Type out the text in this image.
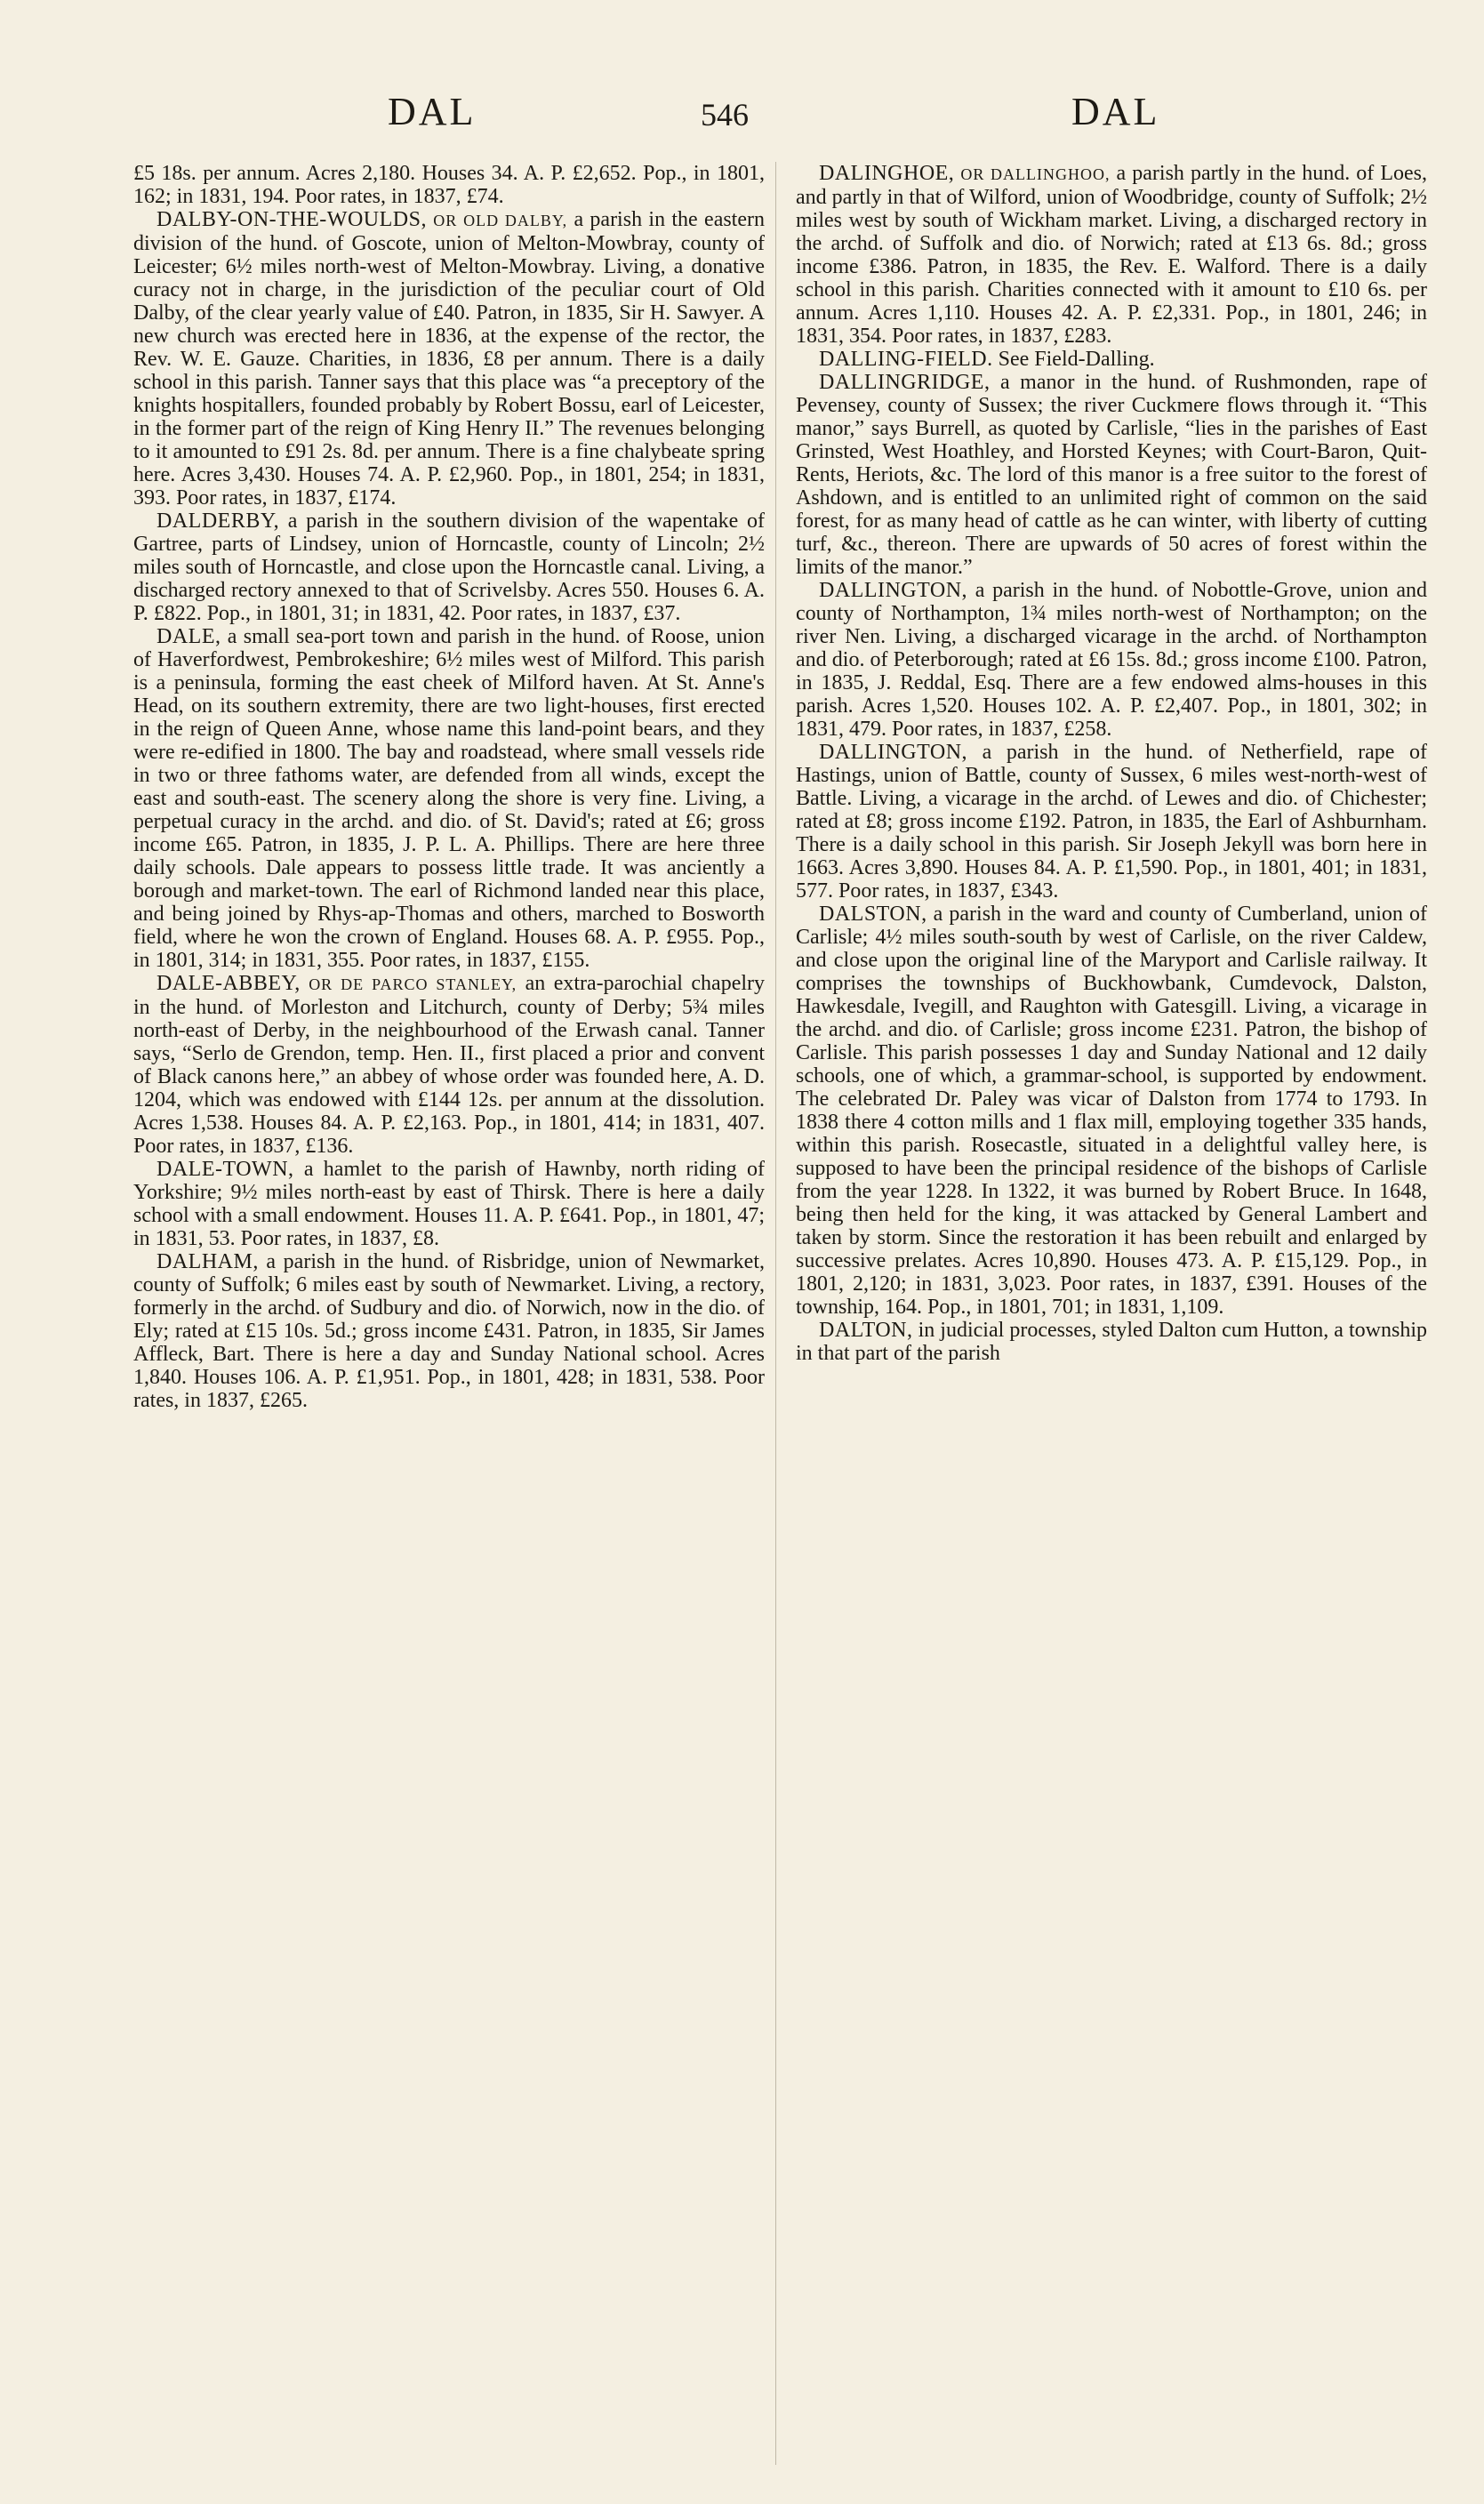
DAL	546	DAL

£5 18s. per annum. Acres 2,180. Houses 34. A. P. £2,652. Pop., in 1801, 162; in 1831, 194. Poor rates, in 1837, £74.

DALBY-ON-THE-WOULDS, OR OLD DALBY, a parish in the eastern division of the hund. of Goscote, union of Melton-Mowbray, county of Leicester; 6½ miles north-west of Melton-Mowbray. Living, a donative curacy not in charge, in the jurisdiction of the peculiar court of Old Dalby, of the clear yearly value of £40. Patron, in 1835, Sir H. Sawyer. A new church was erected here in 1836, at the expense of the rector, the Rev. W. E. Gauze. Charities, in 1836, £8 per annum. There is a daily school in this parish. Tanner says that this place was “a preceptory of the knights hospitallers, founded probably by Robert Bossu, earl of Leicester, in the former part of the reign of King Henry II.” The revenues belonging to it amounted to £91 2s. 8d. per annum. There is a fine chalybeate spring here. Acres 3,430. Houses 74. A. P. £2,960. Pop., in 1801, 254; in 1831, 393. Poor rates, in 1837, £174.

DALDERBY, a parish in the southern division of the wapentake of Gartree, parts of Lindsey, union of Horncastle, county of Lincoln; 2½ miles south of Horncastle, and close upon the Horncastle canal. Living, a discharged rectory annexed to that of Scrivelsby. Acres 550. Houses 6. A. P. £822. Pop., in 1801, 31; in 1831, 42. Poor rates, in 1837, £37.

DALE, a small sea-port town and parish in the hund. of Roose, union of Haverfordwest, Pembrokeshire; 6½ miles west of Milford. This parish is a peninsula, forming the east cheek of Milford haven. At St. Anne's Head, on its southern extremity, there are two light-houses, first erected in the reign of Queen Anne, whose name this land-point bears, and they were re-edified in 1800. The bay and roadstead, where small vessels ride in two or three fathoms water, are defended from all winds, except the east and south-east. The scenery along the shore is very fine. Living, a perpetual curacy in the archd. and dio. of St. David's; rated at £6; gross income £65. Patron, in 1835, J. P. L. A. Phillips. There are here three daily schools. Dale appears to possess little trade. It was anciently a borough and market-town. The earl of Richmond landed near this place, and being joined by Rhys-ap-Thomas and others, marched to Bosworth field, where he won the crown of England. Houses 68. A. P. £955. Pop., in 1801, 314; in 1831, 355. Poor rates, in 1837, £155.

DALE-ABBEY, OR DE PARCO STANLEY, an extra-parochial chapelry in the hund. of Morleston and Litchurch, county of Derby; 5¾ miles north-east of Derby, in the neighbourhood of the Erwash canal. Tanner says, “Serlo de Grendon, temp. Hen. II., first placed a prior and convent of Black canons here,” an abbey of whose order was founded here, A. D. 1204, which was endowed with £144 12s. per annum at the dissolution. Acres 1,538. Houses 84. A. P. £2,163. Pop., in 1801, 414; in 1831, 407. Poor rates, in 1837, £136.

DALE-TOWN, a hamlet to the parish of Hawnby, north riding of Yorkshire; 9½ miles north-east by east of Thirsk. There is here a daily school with a small endowment. Houses 11. A. P. £641. Pop., in 1801, 47; in 1831, 53. Poor rates, in 1837, £8.

DALHAM, a parish in the hund. of Risbridge, union of Newmarket, county of Suffolk; 6 miles east by south of Newmarket. Living, a rectory, formerly in the archd. of Sudbury and dio. of Norwich, now in the dio. of Ely; rated at £15 10s. 5d.; gross income £431. Patron, in 1835, Sir James Affleck, Bart. There is here a day and Sunday National school. Acres 1,840. Houses 106. A. P. £1,951. Pop., in 1801, 428; in 1831, 538. Poor rates, in 1837, £265.

DALINGHOE, OR DALLINGHOO, a parish partly in the hund. of Loes, and partly in that of Wilford, union of Woodbridge, county of Suffolk; 2½ miles west by south of Wickham market. Living, a discharged rectory in the archd. of Suffolk and dio. of Norwich; rated at £13 6s. 8d.; gross income £386. Patron, in 1835, the Rev. E. Walford. There is a daily school in this parish. Charities connected with it amount to £10 6s. per annum. Acres 1,110. Houses 42. A. P. £2,331. Pop., in 1801, 246; in 1831, 354. Poor rates, in 1837, £283.

DALLING-FIELD. See Field-Dalling.

DALLINGRIDGE, a manor in the hund. of Rushmonden, rape of Pevensey, county of Sussex; the river Cuckmere flows through it. “This manor,” says Burrell, as quoted by Carlisle, “lies in the parishes of East Grinsted, West Hoathley, and Horsted Keynes; with Court-Baron, Quit-Rents, Heriots, &c. The lord of this manor is a free suitor to the forest of Ashdown, and is entitled to an unlimited right of common on the said forest, for as many head of cattle as he can winter, with liberty of cutting turf, &c., thereon. There are upwards of 50 acres of forest within the limits of the manor.”

DALLINGTON, a parish in the hund. of Nobottle-Grove, union and county of Northampton, 1¾ miles north-west of Northampton; on the river Nen. Living, a discharged vicarage in the archd. of Northampton and dio. of Peterborough; rated at £6 15s. 8d.; gross income £100. Patron, in 1835, J. Reddal, Esq. There are a few endowed alms-houses in this parish. Acres 1,520. Houses 102. A. P. £2,407. Pop., in 1801, 302; in 1831, 479. Poor rates, in 1837, £258.

DALLINGTON, a parish in the hund. of Netherfield, rape of Hastings, union of Battle, county of Sussex, 6 miles west-north-west of Battle. Living, a vicarage in the archd. of Lewes and dio. of Chichester; rated at £8; gross income £192. Patron, in 1835, the Earl of Ashburnham. There is a daily school in this parish. Sir Joseph Jekyll was born here in 1663. Acres 3,890. Houses 84. A. P. £1,590. Pop., in 1801, 401; in 1831, 577. Poor rates, in 1837, £343.

DALSTON, a parish in the ward and county of Cumberland, union of Carlisle; 4½ miles south-south by west of Carlisle, on the river Caldew, and close upon the original line of the Maryport and Carlisle railway. It comprises the townships of Buckhowbank, Cumdevock, Dalston, Hawkesdale, Ivegill, and Raughton with Gatesgill. Living, a vicarage in the archd. and dio. of Carlisle; gross income £231. Patron, the bishop of Carlisle. This parish possesses 1 day and Sunday National and 12 daily schools, one of which, a grammar-school, is supported by endowment. The celebrated Dr. Paley was vicar of Dalston from 1774 to 1793. In 1838 there 4 cotton mills and 1 flax mill, employing together 335 hands, within this parish. Rosecastle, situated in a delightful valley here, is supposed to have been the principal residence of the bishops of Carlisle from the year 1228. In 1322, it was burned by Robert Bruce. In 1648, being then held for the king, it was attacked by General Lambert and taken by storm. Since the restoration it has been rebuilt and enlarged by successive prelates. Acres 10,890. Houses 473. A. P. £15,129. Pop., in 1801, 2,120; in 1831, 3,023. Poor rates, in 1837, £391. Houses of the township, 164. Pop., in 1801, 701; in 1831, 1,109.

DALTON, in judicial processes, styled Dalton cum Hutton, a township in that part of the parish
